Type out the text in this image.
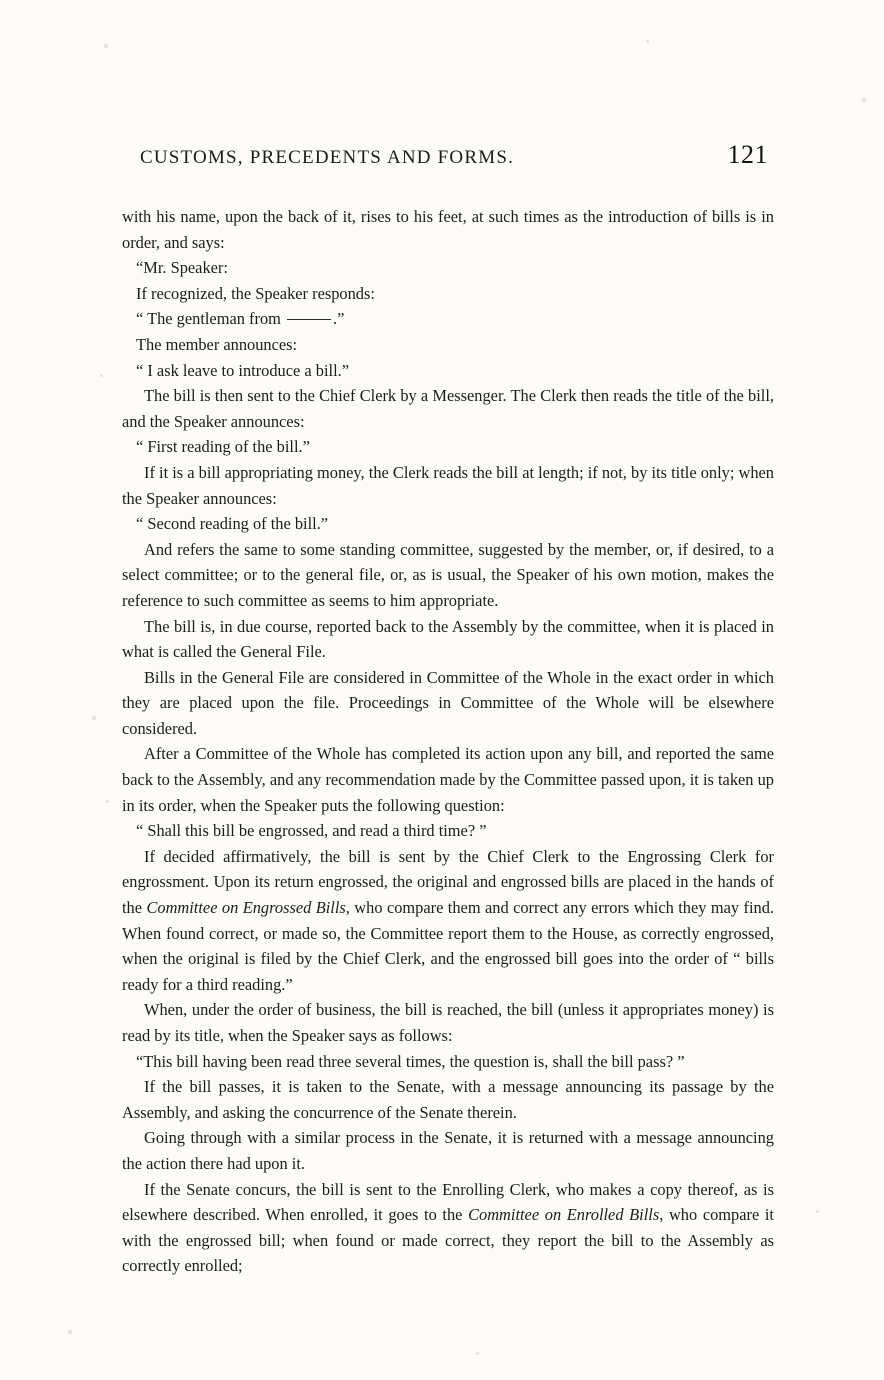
CUSTOMS, PRECEDENTS AND FORMS.	121

with his name, upon the back of it, rises to his feet, at such times as the introduction of bills is in order, and says:

“Mr. Speaker:

If recognized, the Speaker responds:

“ The gentleman from	.”

The member announces:

“ I ask leave to introduce a bill.”

The bill is then sent to the Chief Clerk by a Messenger. The Clerk then reads the title of the bill, and the Speaker announces:

“ First reading of the bill.”

If it is a bill appropriating money, the Clerk reads the bill at length; if not, by its title only; when the Speaker announces:

“ Second reading of the bill.”

And refers the same to some standing committee, suggested by the member, or, if desired, to a select committee; or to the general file, or, as is usual, the Speaker of his own motion, makes the reference to such committee as seems to him appropriate.

The bill is, in due course, reported back to the Assembly by the committee, when it is placed in what is called the General File.

Bills in the General File are considered in Committee of the Whole in the exact order in which they are placed upon the file. Proceedings in Committee of the Whole will be elsewhere considered.

After a Committee of the Whole has completed its action upon any bill, and reported the same back to the Assembly, and any recommendation made by the Committee passed upon, it is taken up in its order, when the Speaker puts the following question:

“ Shall this bill be engrossed, and read a third time? ”

If decided affirmatively, the bill is sent by the Chief Clerk to the Engrossing Clerk for engrossment. Upon its return engrossed, the original and engrossed bills are placed in the hands of the Committee on Engrossed Bills, who compare them and correct any errors which they may find. When found correct, or made so, the Committee report them to the House, as correctly engrossed, when the original is filed by the Chief Clerk, and the engrossed bill goes into the order of “ bills ready for a third reading.”

When, under the order of business, the bill is reached, the bill (unless it appropriates money) is read by its title, when the Speaker says as follows:

“This bill having been read three several times, the question is, shall the bill pass? ”

If the bill passes, it is taken to the Senate, with a message announcing its passage by the Assembly, and asking the concurrence of the Senate therein.

Going through with a similar process in the Senate, it is returned with a message announcing the action there had upon it.

If the Senate concurs, the bill is sent to the Enrolling Clerk, who makes a copy thereof, as is elsewhere described. When enrolled, it goes to the Committee on Enrolled Bills, who compare it with the engrossed bill; when found or made correct, they report the bill to the Assembly as correctly enrolled;
